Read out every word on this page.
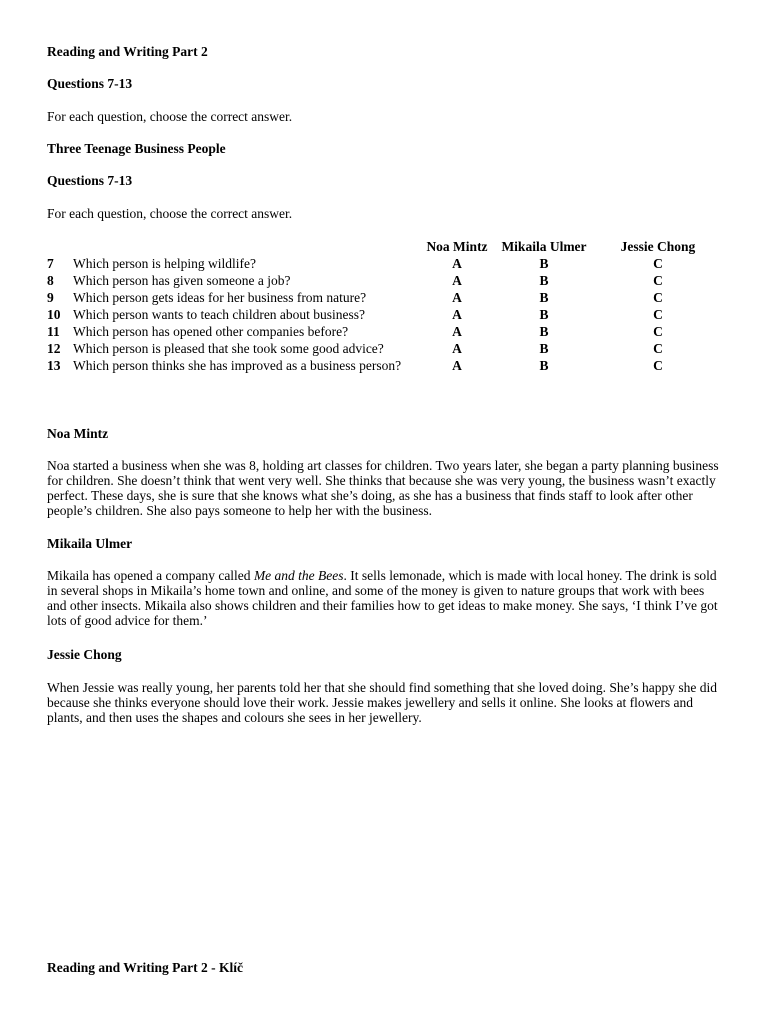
Reading and Writing Part 2

Questions 7-13

For each question, choose the correct answer.

Three Teenage Business People

Questions 7-13

For each question, choose the correct answer.

		Noa Mintz	Mikaila Ulmer	Jessie Chong
7	Which person is helping wildlife?	A	B	C
8	Which person has given someone a job?	A	B	C
9	Which person gets ideas for her business from nature?	A	B	C
10	Which person wants to teach children about business?	A	B	C
11	Which person has opened other companies before?	A	B	C
12	Which person is pleased that she took some good advice?	A	B	C
13	Which person thinks she has improved as a business person?	A	B	C

Noa Mintz

Noa started a business when she was 8, holding art classes for children. Two years later, she began a party planning business for children. She doesn’t think that went very well. She thinks that because she was very young, the business wasn’t exactly perfect. These days, she is sure that she knows what she’s doing, as she has a business that finds staff to look after other people’s children. She also pays someone to help her with the business.

Mikaila Ulmer

Mikaila has opened a company called Me and the Bees. It sells lemonade, which is made with local honey. The drink is sold in several shops in Mikaila’s home town and online, and some of the money is given to nature groups that work with bees and other insects. Mikaila also shows children and their families how to get ideas to make money. She says, ‘I think I’ve got lots of good advice for them.’

Jessie Chong

When Jessie was really young, her parents told her that she should find something that she loved doing. She’s happy she did because she thinks everyone should love their work. Jessie makes jewellery and sells it online. She looks at flowers and plants, and then uses the shapes and colours she sees in her jewellery.

Reading and Writing Part 2 - Klíč
